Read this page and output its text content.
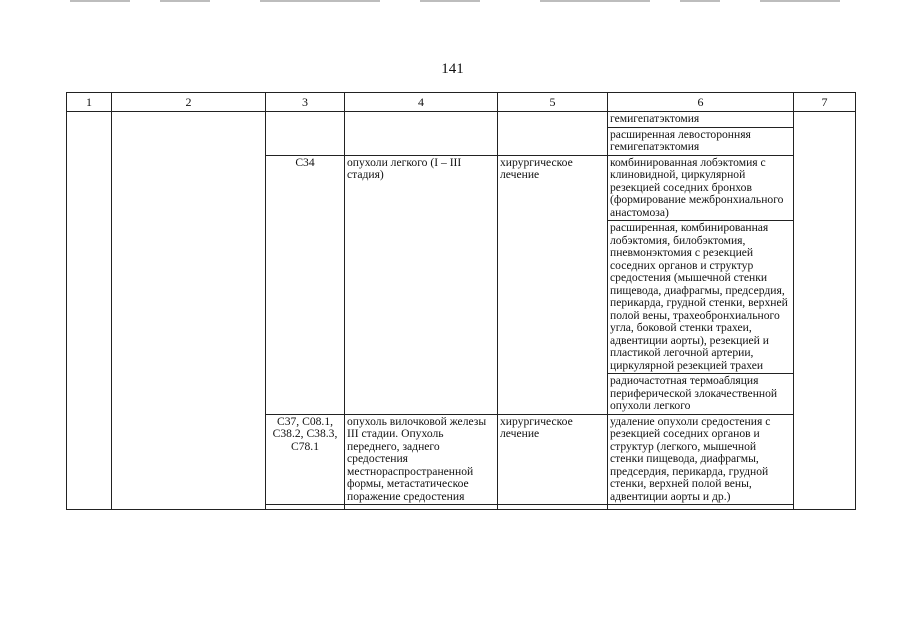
141
1	2	3	4	5	6	7
					гемигепатэктомия	
					расширенная левосторонняя гемигепатэктомия	
		C34	опухоли легкого (I – III стадия)	хирургическое лечение	комбинированная лобэктомия с клиновидной, циркулярной резекцией соседних бронхов (формирование межбронхиального анастомоза)	
					расширенная, комбинированная лобэктомия, билобэктомия, пневмонэктомия с резекцией соседних органов и структур средостения (мышечной стенки пищевода, диафрагмы, предсердия, перикарда, грудной стенки, верхней полой вены, трахеобронхиального угла, боковой стенки трахеи, адвентиции аорты), резекцией и пластикой легочной артерии, циркулярной резекцией трахеи	
					радиочастотная термоабляция периферической злокачественной опухоли легкого	
		C37, C08.1, C38.2, C38.3, C78.1	опухоль вилочковой железы III стадии. Опухоль переднего, заднего средостения местнораспространенной формы, метастатическое поражение средостения	хирургическое лечение	удаление опухоли средостения с резекцией соседних органов и структур (легкого, мышечной стенки пищевода, диафрагмы, предсердия, перикарда, грудной стенки, верхней полой вены, адвентиции аорты и др.)	
